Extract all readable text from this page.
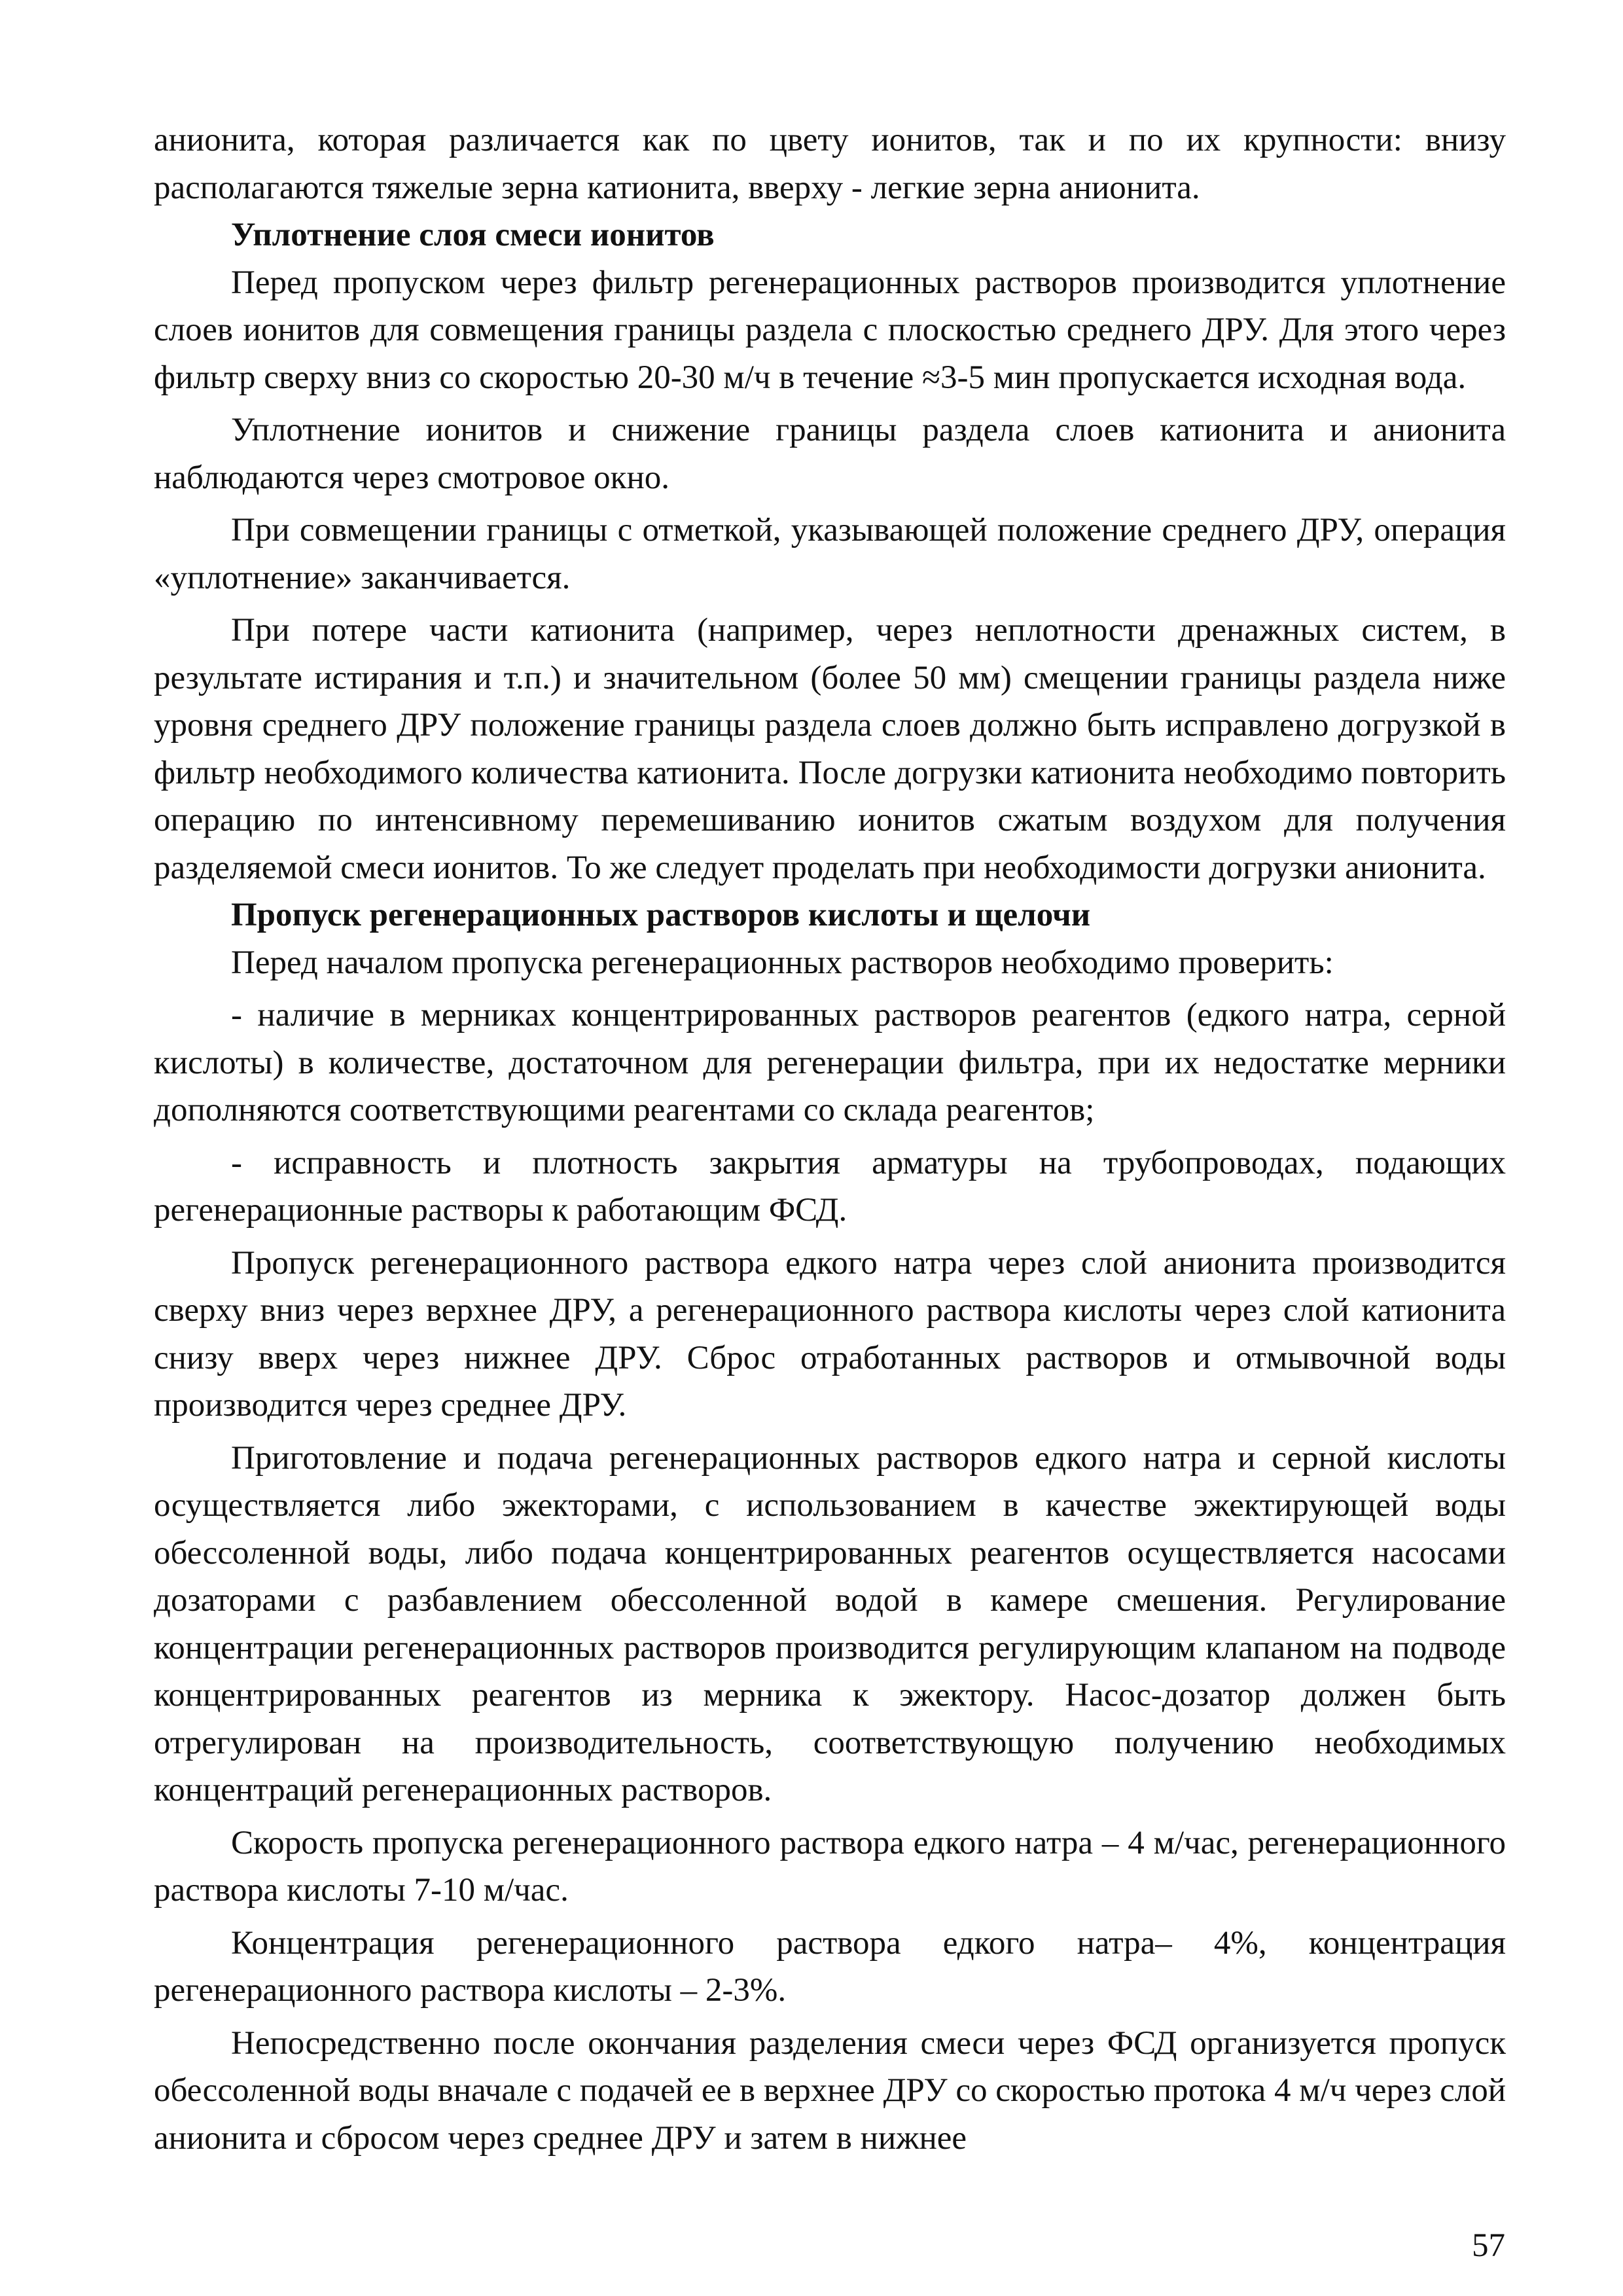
анионита, которая различается как по цвету ионитов, так и по их крупности: внизу располагаются тяжелые зерна катионита, вверху - легкие зерна анионита.

Уплотнение слоя смеси ионитов

Перед пропуском через фильтр регенерационных растворов производится уплотнение слоев ионитов для совмещения границы раздела с плоскостью среднего ДРУ. Для этого через фильтр сверху вниз со скоростью 20-30 м/ч в течение ≈3-5 мин пропускается исходная вода.

Уплотнение ионитов и снижение границы раздела слоев катионита и анионита наблюдаются через смотровое окно.

При совмещении границы с отметкой, указывающей положение среднего ДРУ, операция «уплотнение» заканчивается.

При потере части катионита (например, через неплотности дренажных систем, в результате истирания и т.п.) и значительном (более 50 мм) смещении границы раздела ниже уровня среднего ДРУ положение границы раздела слоев должно быть исправлено догрузкой в фильтр необходимого количества катионита. После догрузки катионита необходимо повторить операцию по интенсивному перемешиванию ионитов сжатым воздухом для получения разделяемой смеси ионитов. То же следует проделать при необходимости догрузки анионита.

Пропуск регенерационных растворов кислоты и щелочи

Перед началом пропуска регенерационных растворов необходимо проверить:

- наличие в мерниках концентрированных растворов реагентов (едкого натра, серной кислоты) в количестве, достаточном для регенерации фильтра, при их недостатке мерники дополняются соответствующими реагентами со склада реагентов;

- исправность и плотность закрытия арматуры на трубопроводах, подающих регенерационные растворы к работающим ФСД.

Пропуск регенерационного раствора едкого натра через слой анионита производится сверху вниз через верхнее ДРУ, а регенерационного раствора кислоты через слой катионита снизу вверх через нижнее ДРУ. Сброс отработанных растворов и отмывочной воды производится через среднее ДРУ.

Приготовление и подача регенерационных растворов едкого натра и серной кислоты осуществляется либо эжекторами, с использованием в качестве эжектирующей воды обессоленной воды, либо подача концентрированных реагентов осуществляется насосами дозаторами с разбавлением обессоленной водой в камере смешения. Регулирование концентрации регенерационных растворов производится регулирующим клапаном на подводе концентрированных реагентов из мерника к эжектору. Насос-дозатор должен быть отрегулирован на производительность, соответствующую получению необходимых концентраций регенерационных растворов.

Скорость пропуска регенерационного раствора едкого натра – 4 м/час, регенерационного раствора кислоты 7-10 м/час.

Концентрация регенерационного раствора едкого натра– 4%, концентрация регенерационного раствора кислоты – 2-3%.

Непосредственно после окончания разделения смеси через ФСД организуется пропуск обессоленной воды вначале с подачей ее в верхнее ДРУ со скоростью протока 4 м/ч через слой анионита и сбросом через среднее ДРУ и затем в нижнее

57
